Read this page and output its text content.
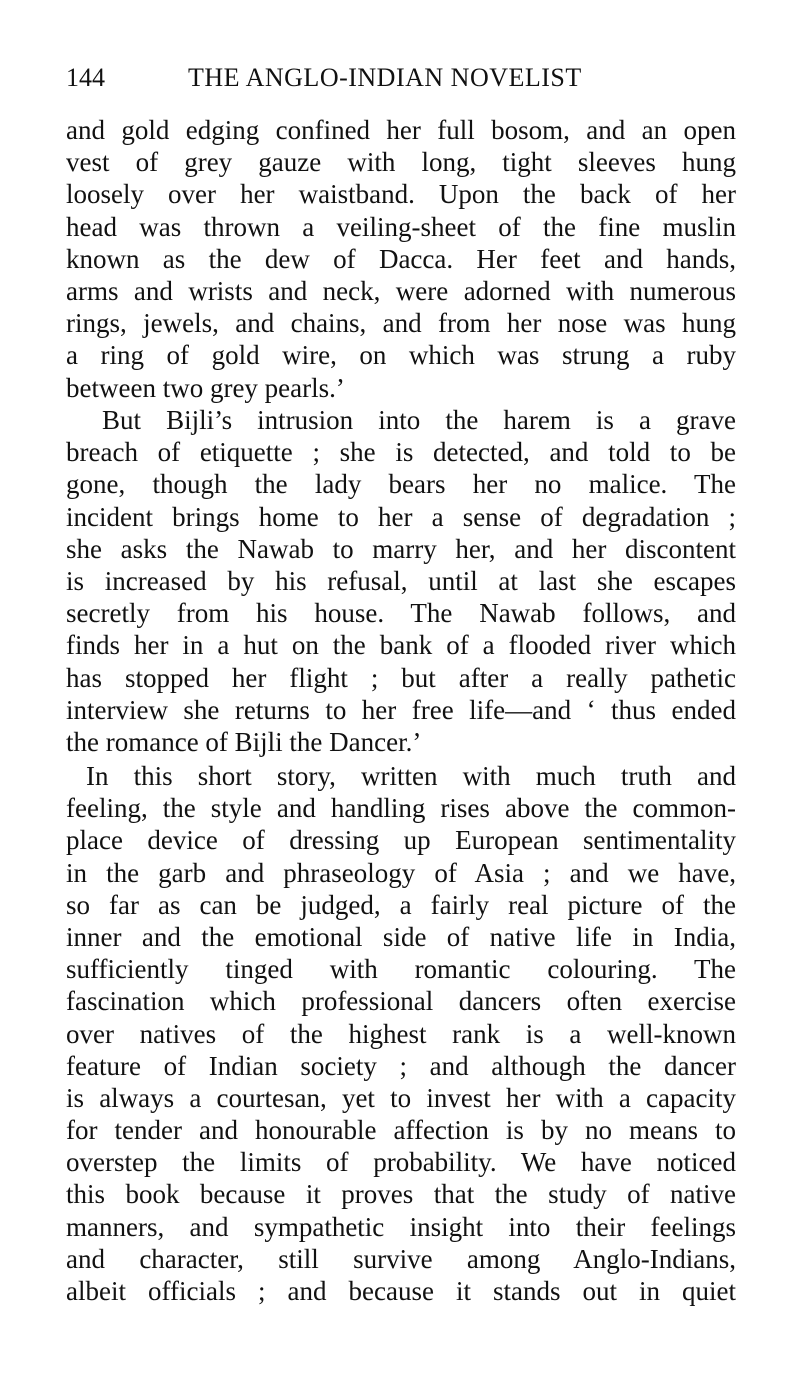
144	THE ANGLO-INDIAN NOVELIST
and gold edging confined her full bosom, and an open
vest of grey gauze with long, tight sleeves hung
loosely over her waistband. Upon the back of her
head was thrown a veiling-sheet of the fine muslin
known as the dew of Dacca. Her feet and hands,
arms and wrists and neck, were adorned with numerous
rings, jewels, and chains, and from her nose was hung
a ring of gold wire, on which was strung a ruby
between two grey pearls.’
But Bijli’s intrusion into the harem is a grave
breach of etiquette ; she is detected, and told to be
gone, though the lady bears her no malice. The
incident brings home to her a sense of degradation ;
she asks the Nawab to marry her, and her discontent
is increased by his refusal, until at last she escapes
secretly from his house. The Nawab follows, and
finds her in a hut on the bank of a flooded river which
has stopped her flight ; but after a really pathetic
interview she returns to her free life—and ‘ thus ended
the romance of Bijli the Dancer.’
In this short story, written with much truth and
feeling, the style and handling rises above the common-
place device of dressing up European sentimentality
in the garb and phraseology of Asia ; and we have,
so far as can be judged, a fairly real picture of the
inner and the emotional side of native life in India,
sufficiently tinged with romantic colouring. The
fascination which professional dancers often exercise
over natives of the highest rank is a well-known
feature of Indian society ; and although the dancer
is always a courtesan, yet to invest her with a capacity
for tender and honourable affection is by no means to
overstep the limits of probability. We have noticed
this book because it proves that the study of native
manners, and sympathetic insight into their feelings
and character, still survive among Anglo-Indians,
albeit officials ; and because it stands out in quiet
